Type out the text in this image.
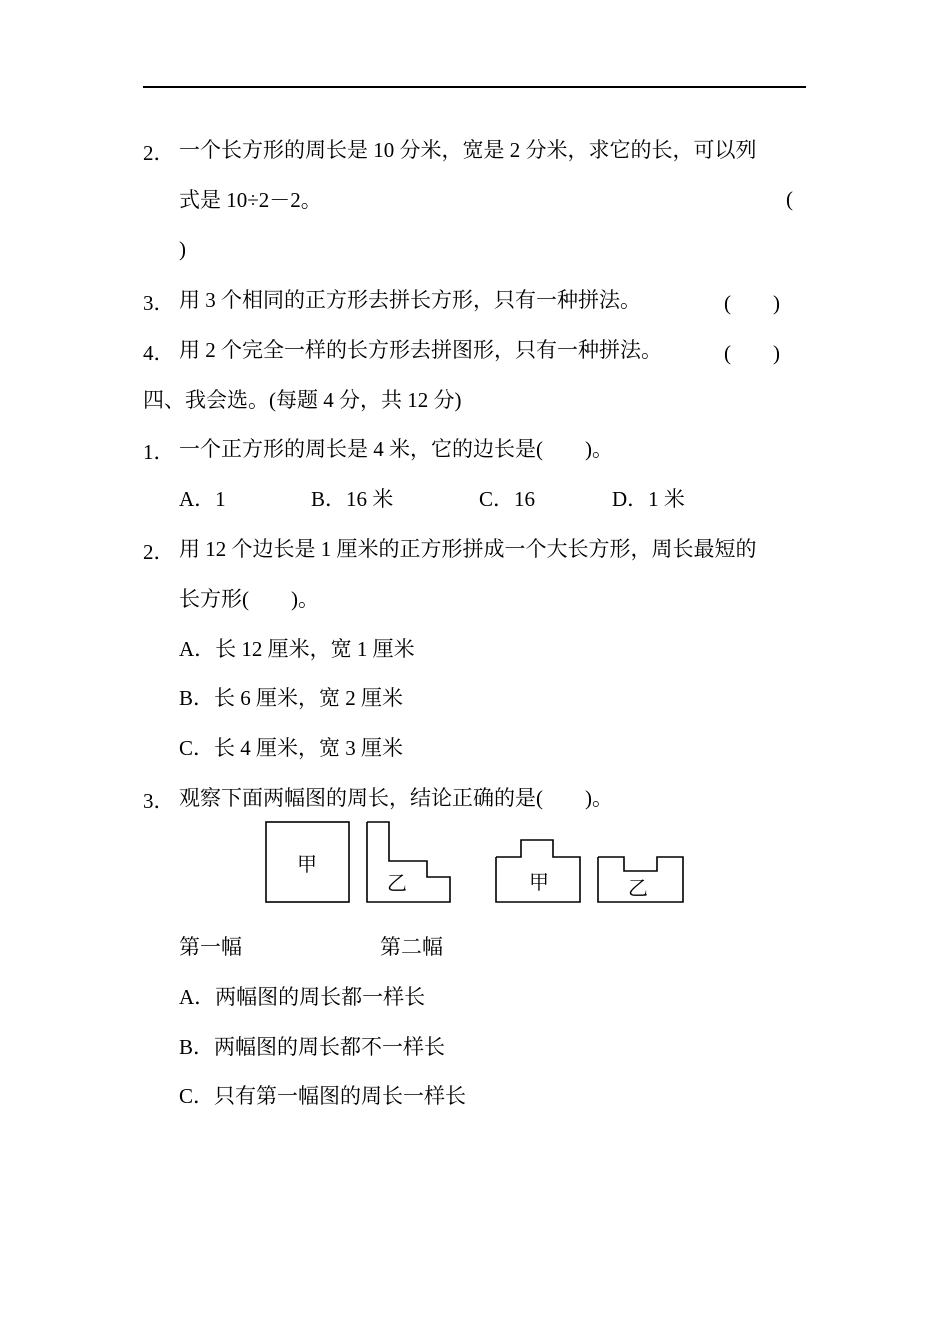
2． 一个长方形的周长是 10 分米，宽是 2 分米，求它的长，可以列
式是 10÷2－2。	(
)
3． 用 3 个相同的正方形去拼长方形，只有一种拼法。	(　　)
4． 用 2 个完全一样的长方形去拼图形，只有一种拼法。	(　　)
四、我会选。(每题 4 分，共 12 分)
1． 一个正方形的周长是 4 米，它的边长是(　　)。
A．1	B．16 米	C．16	D．1 米
2． 用 12 个边长是 1 厘米的正方形拼成一个大长方形，周长最短的
长方形(　　)。
A．长 12 厘米，宽 1 厘米
B．长 6 厘米，宽 2 厘米
C．长 4 厘米，宽 3 厘米
3． 观察下面两幅图的周长，结论正确的是(　　)。
甲
乙	甲	乙
第一幅	第二幅
A．两幅图的周长都一样长
B．两幅图的周长都不一样长
C．只有第一幅图的周长一样长
